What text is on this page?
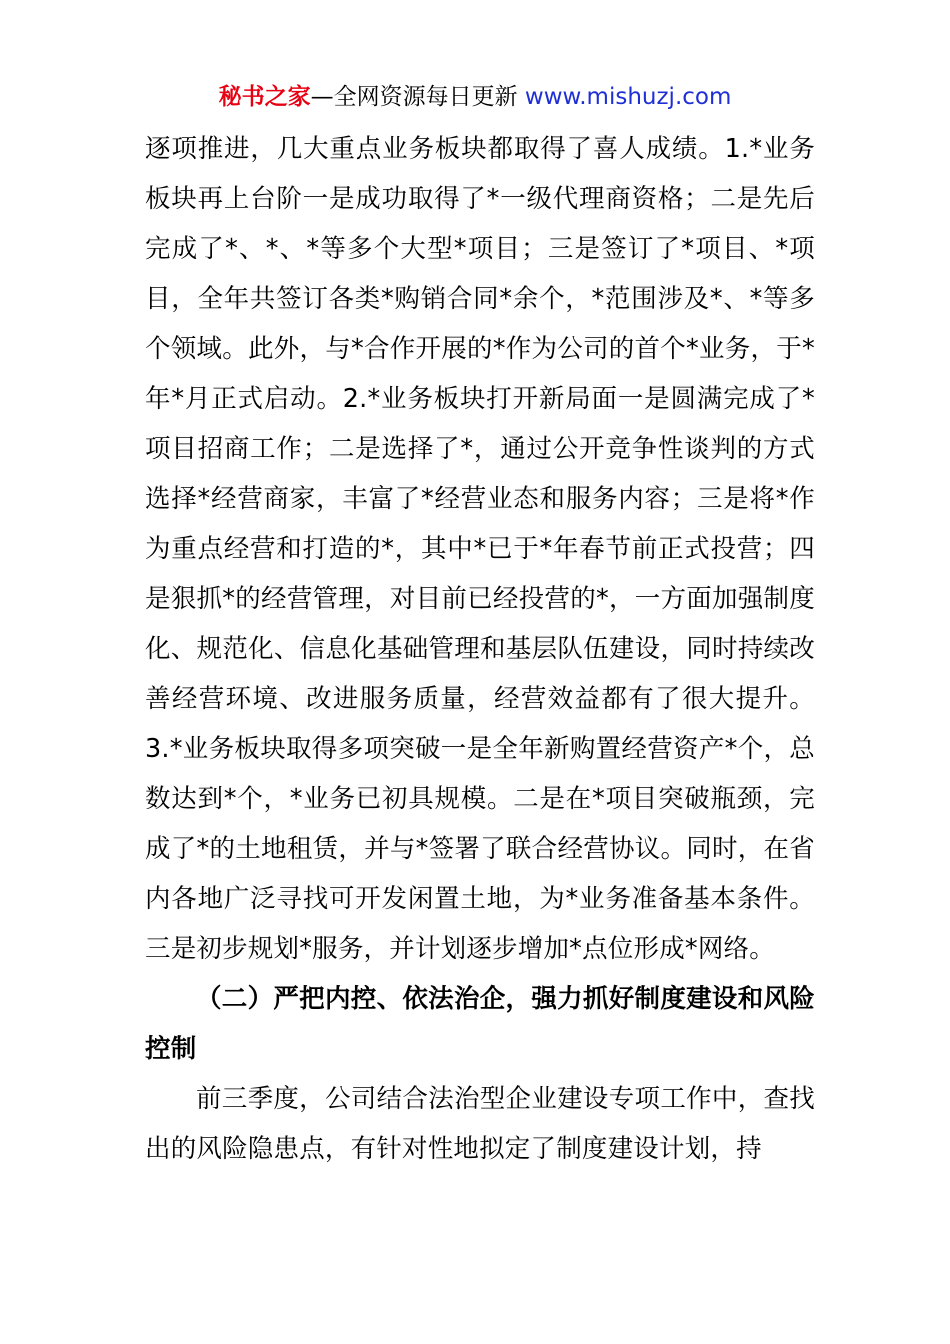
秘书之家—全网资源每日更新 www.mishuzj.com

逐项推进，几大重点业务板块都取得了喜人成绩。1.*业务板块再上台阶一是成功取得了*一级代理商资格；二是先后完成了*、*、*等多个大型*项目；三是签订了*项目、*项目，全年共签订各类*购销合同*余个，*范围涉及*、*等多个领域。此外，与*合作开展的*作为公司的首个*业务，于*年*月正式启动。2.*业务板块打开新局面一是圆满完成了*项目招商工作；二是选择了*，通过公开竞争性谈判的方式选择*经营商家，丰富了*经营业态和服务内容；三是将*作为重点经营和打造的*，其中*已于*年春节前正式投营；四是狠抓*的经营管理，对目前已经投营的*，一方面加强制度化、规范化、信息化基础管理和基层队伍建设，同时持续改善经营环境、改进服务质量，经营效益都有了很大提升。3.*业务板块取得多项突破一是全年新购置经营资产*个，总数达到*个，*业务已初具规模。二是在*项目突破瓶颈，完成了*的土地租赁，并与*签署了联合经营协议。同时，在省内各地广泛寻找可开发闲置土地，为*业务准备基本条件。三是初步规划*服务，并计划逐步增加*点位形成*网络。

（二）严把内控、依法治企，强力抓好制度建设和风险控制

前三季度，公司结合法治型企业建设专项工作中，查找出的风险隐患点，有针对性地拟定了制度建设计划，持
